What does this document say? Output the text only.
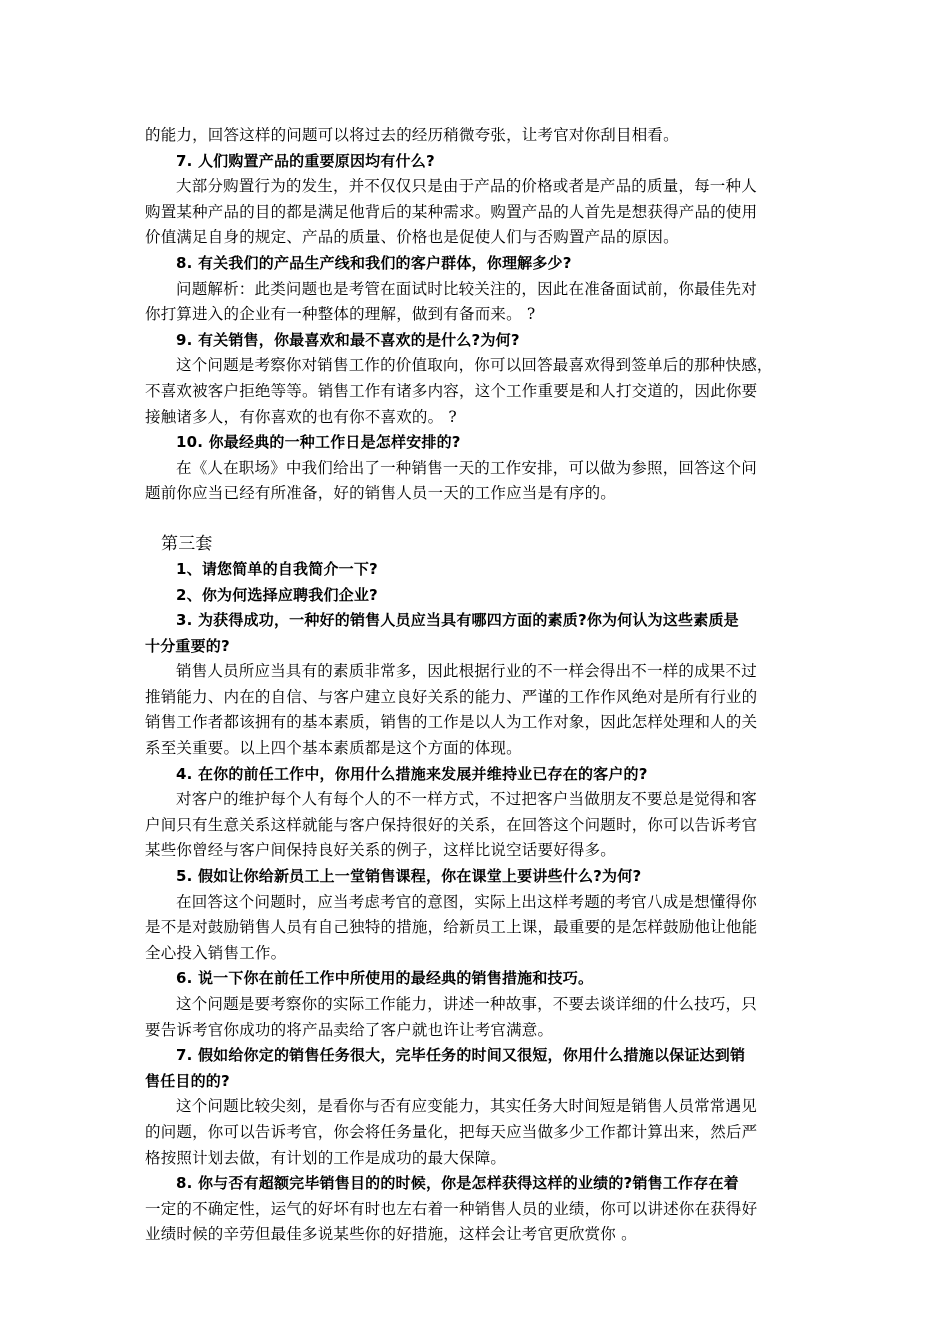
的能力，回答这样的问题可以将过去的经历稍微夸张，让考官对你刮目相看。
7. 人们购置产品的重要原因均有什么?
大部分购置行为的发生，并不仅仅只是由于产品的价格或者是产品的质量，每一种人
购置某种产品的目的都是满足他背后的某种需求。购置产品的人首先是想获得产品的使用
价值满足自身的规定、产品的质量、价格也是促使人们与否购置产品的原因。
8. 有关我们的产品生产线和我们的客户群体，你理解多少?
问题解析：此类问题也是考管在面试时比较关注的，因此在准备面试前，你最佳先对
你打算进入的企业有一种整体的理解，做到有备而来。 ?
9. 有关销售，你最喜欢和最不喜欢的是什么?为何?
这个问题是考察你对销售工作的价值取向，你可以回答最喜欢得到签单后的那种快感，
不喜欢被客户拒绝等等。销售工作有诸多内容，这个工作重要是和人打交道的，因此你要
接触诸多人，有你喜欢的也有你不喜欢的。 ?
10. 你最经典的一种工作日是怎样安排的?
在《人在职场》中我们给出了一种销售一天的工作安排，可以做为参照，回答这个问
题前你应当已经有所准备，好的销售人员一天的工作应当是有序的。
第三套
1、请您简单的自我简介一下?
2、你为何选择应聘我们企业?
3. 为获得成功，一种好的销售人员应当具有哪四方面的素质?你为何认为这些素质是
十分重要的?
销售人员所应当具有的素质非常多，因此根据行业的不一样会得出不一样的成果不过
推销能力、内在的自信、与客户建立良好关系的能力、严谨的工作作风绝对是所有行业的
销售工作者都该拥有的基本素质，销售的工作是以人为工作对象，因此怎样处理和人的关
系至关重要。以上四个基本素质都是这个方面的体现。
4. 在你的前任工作中，你用什么措施来发展并维持业已存在的客户的?
对客户的维护每个人有每个人的不一样方式，不过把客户当做朋友不要总是觉得和客
户间只有生意关系这样就能与客户保持很好的关系，在回答这个问题时，你可以告诉考官
某些你曾经与客户间保持良好关系的例子，这样比说空话要好得多。
5. 假如让你给新员工上一堂销售课程，你在课堂上要讲些什么?为何?
在回答这个问题时，应当考虑考官的意图，实际上出这样考题的考官八成是想懂得你
是不是对鼓励销售人员有自己独特的措施，给新员工上课，最重要的是怎样鼓励他让他能
全心投入销售工作。
6. 说一下你在前任工作中所使用的最经典的销售措施和技巧。
这个问题是要考察你的实际工作能力，讲述一种故事，不要去谈详细的什么技巧，只
要告诉考官你成功的将产品卖给了客户就也许让考官满意。
7. 假如给你定的销售任务很大，完毕任务的时间又很短，你用什么措施以保证达到销
售任目的的?
这个问题比较尖刻，是看你与否有应变能力，其实任务大时间短是销售人员常常遇见
的问题，你可以告诉考官，你会将任务量化，把每天应当做多少工作都计算出来，然后严
格按照计划去做，有计划的工作是成功的最大保障。
8. 你与否有超额完毕销售目的的时候，你是怎样获得这样的业绩的?销售工作存在着
一定的不确定性，运气的好坏有时也左右着一种销售人员的业绩，你可以讲述你在获得好
业绩时候的辛劳但最佳多说某些你的好措施，这样会让考官更欣赏你 。
